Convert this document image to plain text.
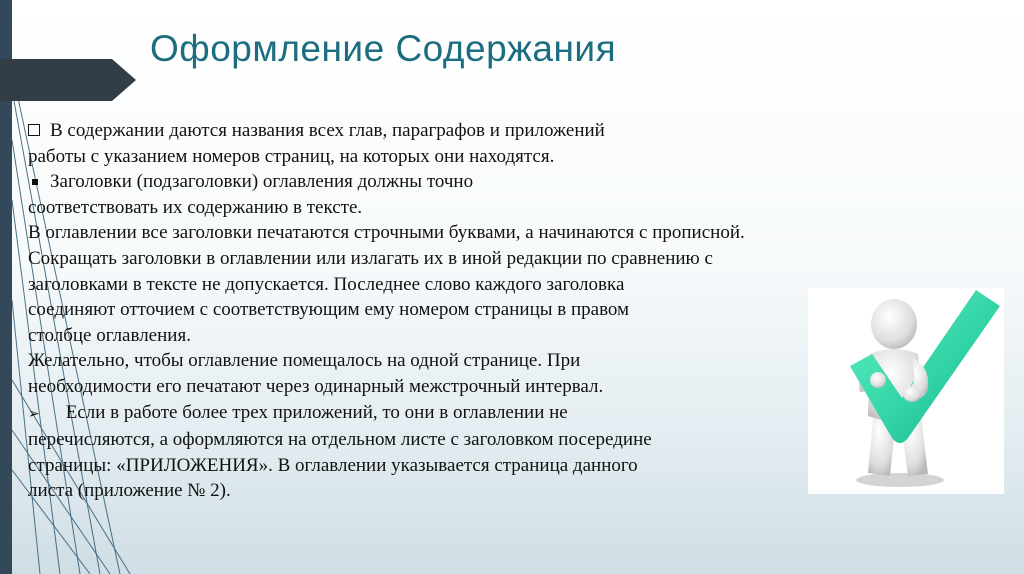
Оформление Содержания

В содержании даются названия всех глав, параграфов и приложений

работы с указанием номеров страниц, на которых они находятся.

Заголовки (подзаголовки) оглавления должны точно

соответствовать их содержанию в тексте.

В оглавлении все заголовки печатаются строчными буквами, а начинаются с прописной.

Сокращать заголовки в оглавлении или излагать их в иной редакции по сравнению с

заголовками в тексте не допускается. Последнее слово каждого заголовка

соединяют отточием с соответствующим ему номером страницы в правом

столбце оглавления.

Желательно, чтобы оглавление помещалось на одной странице. При

необходимости его печатают через одинарный межстрочный интервал.

➢ Если в работе более трех приложений, то они в оглавлении не

перечисляются, а оформляются на отдельном листе с заголовком посередине

страницы: «ПРИЛОЖЕНИЯ». В оглавлении указывается страница данного

листа (приложение № 2).
